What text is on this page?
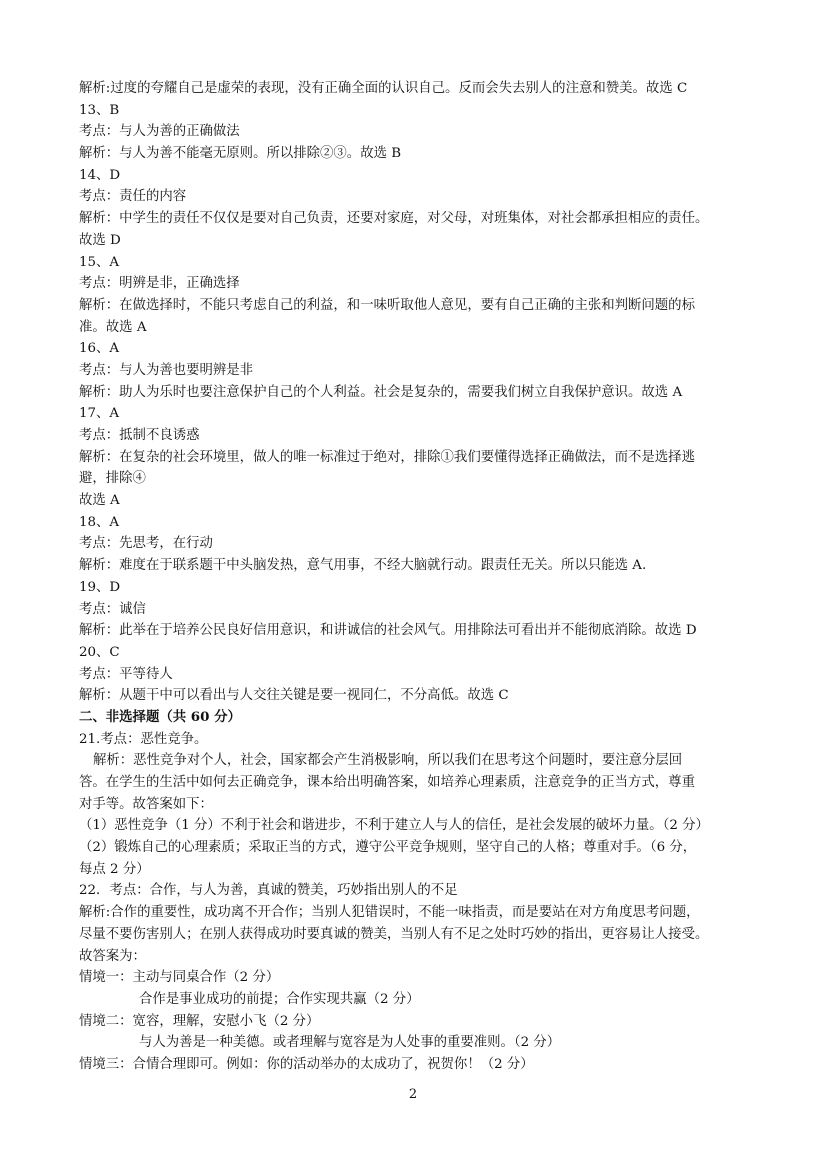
解析:过度的夸耀自己是虚荣的表现，没有正确全面的认识自己。反而会失去别人的注意和赞美。故选 C
13、B
考点：与人为善的正确做法
解析：与人为善不能毫无原则。所以排除②③。故选 B
14、D
考点：责任的内容
解析：中学生的责任不仅仅是要对自己负责，还要对家庭，对父母，对班集体，对社会都承担相应的责任。
故选 D
15、A
考点：明辨是非，正确选择
解析：在做选择时，不能只考虑自己的利益，和一味听取他人意见，要有自己正确的主张和判断问题的标
准。故选 A
16、A
考点：与人为善也要明辨是非
解析：助人为乐时也要注意保护自己的个人利益。社会是复杂的，需要我们树立自我保护意识。故选 A
17、A
考点：抵制不良诱惑
解析：在复杂的社会环境里，做人的唯一标准过于绝对，排除①我们要懂得选择正确做法，而不是选择逃
避，排除④
故选 A
18、A
考点：先思考，在行动
解析：难度在于联系题干中头脑发热，意气用事，不经大脑就行动。跟责任无关。所以只能选 A.
19、D
考点：诚信
解析：此举在于培养公民良好信用意识，和讲诚信的社会风气。用排除法可看出并不能彻底消除。故选 D
20、C
考点：平等待人
解析：从题干中可以看出与人交往关键是要一视同仁，不分高低。故选 C
二、非选择题（共 60 分）
21.考点：恶性竞争。
解析：恶性竞争对个人，社会，国家都会产生消极影响，所以我们在思考这个问题时，要注意分层回
答。在学生的生活中如何去正确竞争，课本给出明确答案，如培养心理素质，注意竞争的正当方式，尊重
对手等。故答案如下：
（1）恶性竞争（1 分）不利于社会和谐进步，不利于建立人与人的信任，是社会发展的破坏力量。（2 分）
（2）锻炼自己的心理素质；采取正当的方式，遵守公平竞争规则，坚守自己的人格；尊重对手。（6 分，
每点 2 分）
22．考点：合作，与人为善，真诚的赞美，巧妙指出别人的不足
解析:合作的重要性，成功离不开合作；当别人犯错误时，不能一味指责，而是要站在对方角度思考问题，
尽量不要伤害别人；在别人获得成功时要真诚的赞美，当别人有不足之处时巧妙的指出，更容易让人接受。
故答案为：
情境一：主动与同桌合作（2 分）
合作是事业成功的前提；合作实现共赢（2 分）
情境二：宽容，理解，安慰小飞（2 分）
与人为善是一种美德。或者理解与宽容是为人处事的重要准则。（2 分）
情境三：合情合理即可。例如：你的活动举办的太成功了，祝贺你！（2 分）
2
